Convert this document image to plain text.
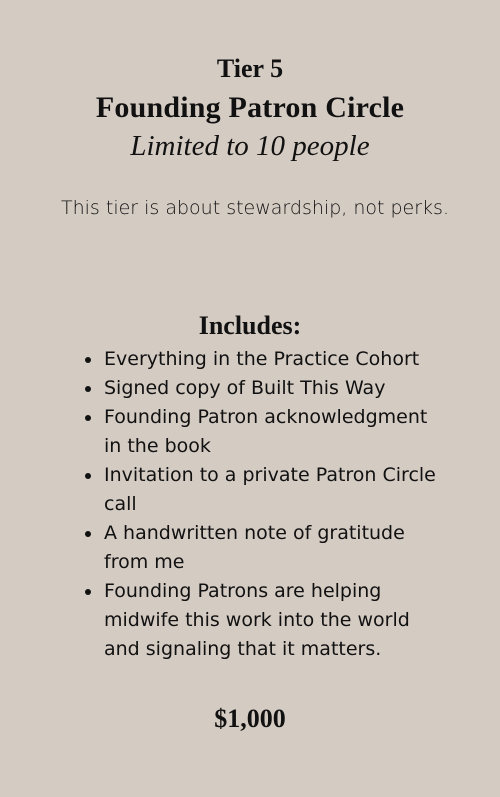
Tier 5
Founding Patron Circle
Limited to 10 people
This tier is about stewardship, not perks.
Includes:
Everything in the Practice Cohort
Signed copy of Built This Way
Founding Patron acknowledgment in the book
Invitation to a private Patron Circle call
A handwritten note of gratitude from me
Founding Patrons are helping midwife this work into the world and signaling that it matters.
$1,000
